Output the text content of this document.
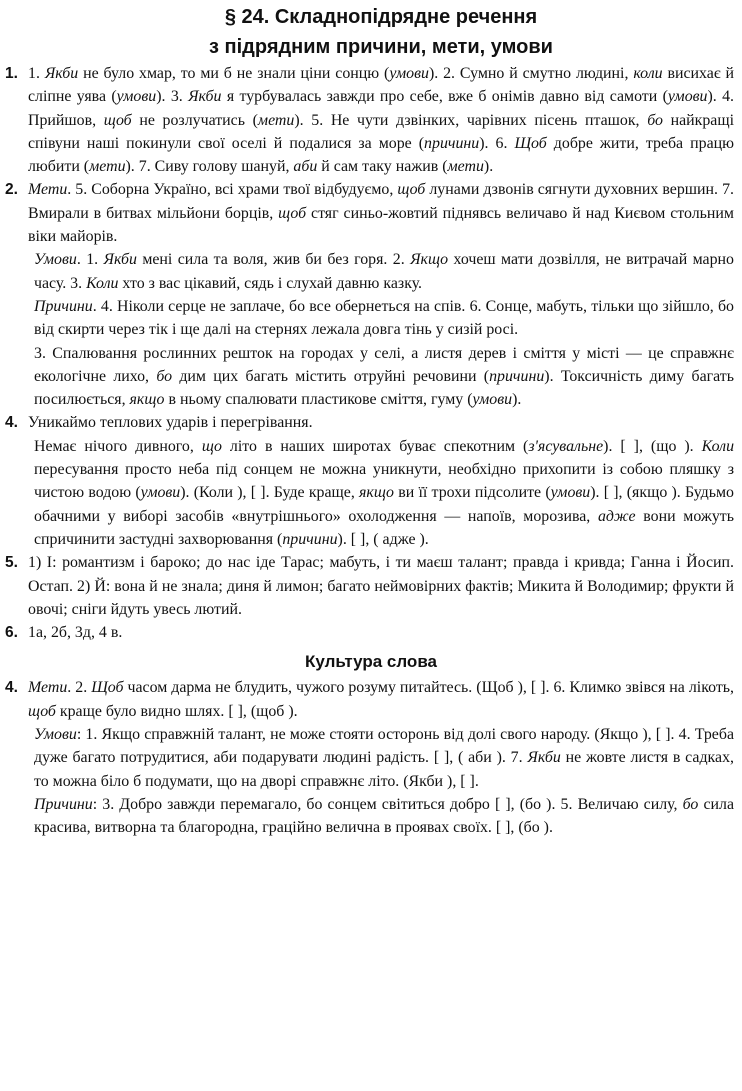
§ 24. Складнопідрядне речення
з підрядним причини, мети, умови
1. 1. Якби не було хмар, то ми б не знали ціни сонцю (умови). 2. Сумно й смутно людині, коли висихає й сліпне уява (умови). 3. Якби я турбувалась завжди про себе, вже б онімів давно від самоти (умови). 4. Прийшов, щоб не розлучатись (мети). 5. Не чути дзвінких, чарівних пісень пташок, бо найкращі співуни наші покинули свої оселі й подалися за море (причини). 6. Щоб добре жити, треба працю любити (мети). 7. Сиву голову шануй, аби й сам таку нажив (мети).

2. Мети. 5. Соборна Україно, всі храми твої відбудуємо, щоб лунами дзвонів сягнути духовних вершин. 7. Вмирали в битвах мільйони борців, щоб стяг синьо-жовтий піднявсь величаво й над Києвом стольним віки майорів.

Умови. 1. Якби мені сила та воля, жив би без горя. 2. Якщо хочеш мати дозвілля, не витрачай марно часу. 3. Коли хто з вас цікавий, сядь і слухай давню казку.

Причини. 4. Ніколи серце не заплаче, бо все обернеться на спів. 6. Сонце, мабуть, тільки що зійшло, бо від скирти через тік і ще далі на стернях лежала довга тінь у сизій росі.

3. Спалювання рослинних решток на городах у селі, а листя дерев і сміття у місті — це справжнє екологічне лихо, бо дим цих багать містить отруйні речовини (причини). Токсичність диму багать посилюється, якщо в ньому спалювати пластикове сміття, гуму (умови).

4. Уникаймо теплових ударів і перегрівання.

Немає нічого дивного, що літо в наших широтах буває спекотним (з'ясувальне). [ ], (що ). Коли пересування просто неба під сонцем не можна уникнути, необхідно прихопити із собою пляшку з чистою водою (умови). (Коли ), [ ]. Буде краще, якщо ви її трохи підсолите (умови). [ ], (якщо ). Будьмо обачними у виборі засобів «внутрішнього» охолодження — напоїв, морозива, адже вони можуть спричинити застудні захворювання (причини). [ ], ( адже ).

5. 1) І: романтизм і бароко; до нас іде Тарас; мабуть, і ти маєш талант; правда і кривда; Ганна і Йосип. Остап. 2) Й: вона й не знала; диня й лимон; багато неймовірних фактів; Микита й Володимир; фрукти й овочі; сніги йдуть увесь лютий.

6. 1а, 2б, 3д, 4 в.

Культура слова
4. Мети. 2. Щоб часом дарма не блудить, чужого розуму питайтесь. (Щоб ), [ ]. 6. Климко звівся на лікоть, щоб краще було видно шлях. [ ], (щоб ).

Умови: 1. Якщо справжній талант, не може стояти осторонь від долі свого народу. (Якщо ), [ ]. 4. Треба дуже багато потрудитися, аби подарувати людині радість. [ ], ( аби ). 7. Якби не жовте листя в садках, то можна біло б подумати, що на дворі справжнє літо. (Якби ), [ ].

Причини: 3. Добро завжди перемагало, бо сонцем світиться добро [ ], (бо ). 5. Величаю силу, бо сила красива, витворна та благородна, граційно велична в проявах своїх. [ ], (бо ).
